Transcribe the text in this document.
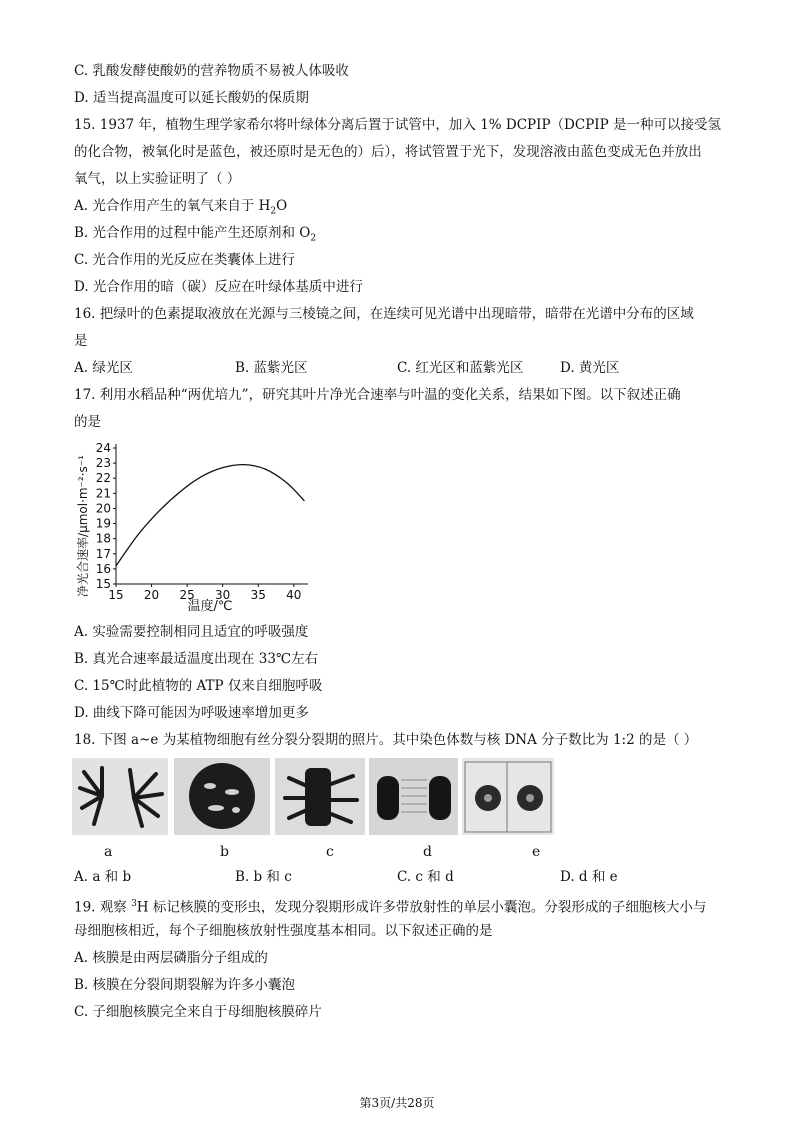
C. 乳酸发酵使酸奶的营养物质不易被人体吸收
D. 适当提高温度可以延长酸奶的保质期
15. 1937 年，植物生理学家希尔将叶绿体分离后置于试管中，加入 1% DCPIP（DCPIP 是一种可以接受氢
的化合物，被氧化时是蓝色，被还原时是无色的）后），将试管置于光下，发现溶液由蓝色变成无色并放出
氧气，以上实验证明了（ ）
A. 光合作用产生的氧气来自于 $H_2O$
B. 光合作用的过程中能产生还原剂和 $O_2$
C. 光合作用的光反应在类囊体上进行
D. 光合作用的暗（碳）反应在叶绿体基质中进行
16. 把绿叶的色素提取液放在光源与三棱镜之间，在连续可见光谱中出现暗带，暗带在光谱中分布的区域
是
A. 绿光区	B. 蓝紫光区	C. 红光区和蓝紫光区	D. 黄光区
17. 利用水稻品种“两优培九”，研究其叶片净光合速率与叶温的变化关系，结果如下图。以下叙述正确
的是
15
16
17
18
19
20
21
22
23
24
15 20 25 30 35 40
净光合速率/μmol·m⁻²·s⁻¹
温度/℃
A. 实验需要控制相同且适宜的呼吸强度
B. 真光合速率最适温度出现在 33℃左右
C. 15℃时此植物的 ATP 仅来自细胞呼吸
D. 曲线下降可能因为呼吸速率增加更多
18. 下图 a~e 为某植物细胞有丝分裂分裂期的照片。其中染色体数与核 DNA 分子数比为 1:2 的是（ ）
a	b	c	d	e
A. a 和 b	B. b 和 c	C. c 和 d	D. d 和 e
19. 观察 $^3$H 标记核膜的变形虫，发现分裂期形成许多带放射性的单层小囊泡。分裂形成的子细胞核大小与
母细胞核相近，每个子细胞核放射性强度基本相同。以下叙述正确的是
A. 核膜是由两层磷脂分子组成的
B. 核膜在分裂间期裂解为许多小囊泡
C. 子细胞核膜完全来自于母细胞核膜碎片
第3页/共28页
